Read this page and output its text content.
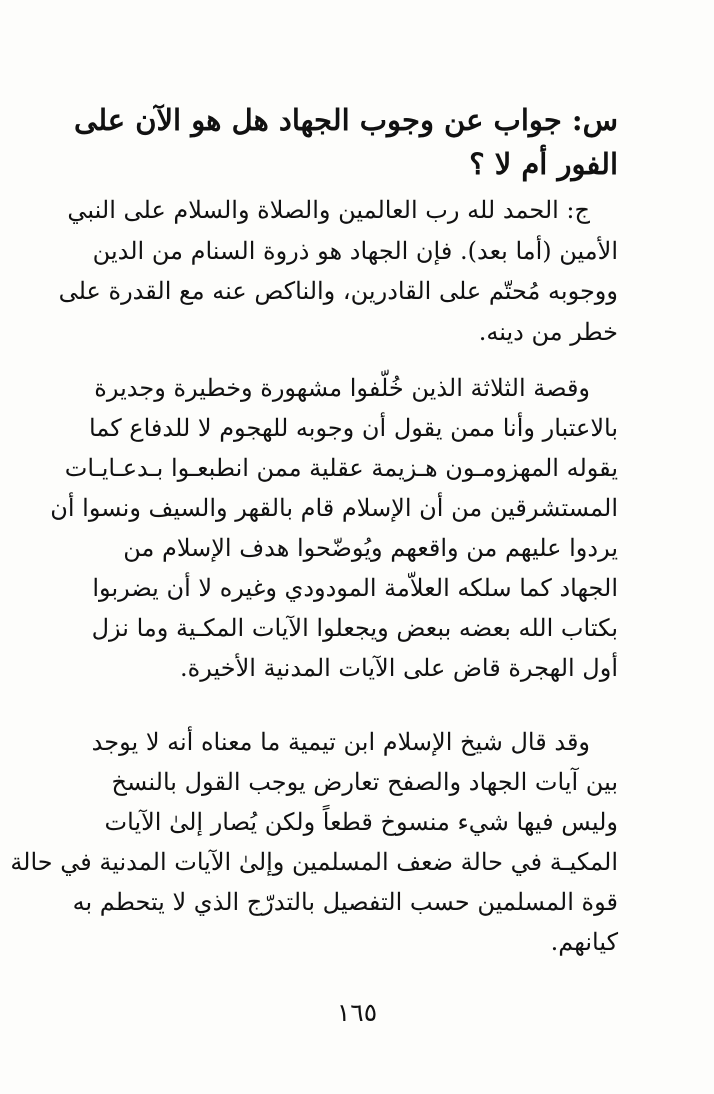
س: جواب عن وجوب الجهاد هل هو الآن على
الفور أم لا ؟
ج: الحمد لله رب العالمين والصلاة والسلام على النبي
الأمين (أما بعد). فإن الجهاد هو ذروة السنام من الدين
ووجوبه مُحتّم على القادرين، والناكص عنه مع القدرة على
خطر من دينه.
وقصة الثلاثة الذين خُلّفوا مشهورة وخطيرة وجديرة
بالاعتبار وأنا ممن يقول أن وجوبه للهجوم لا للدفاع كما
يقوله المهزومـون هـزيمة عقلية ممن انطبعـوا بـدعـايـات
المستشرقين من أن الإسلام قام بالقهر والسيف ونسوا أن
يردوا عليهم من واقعهم ويُوضّحوا هدف الإسلام من
الجهاد كما سلكه العلاّمة المودودي وغيره لا أن يضربوا
بكتاب الله بعضه ببعض ويجعلوا الآيات المكـية وما نزل
أول الهجرة قاض على الآيات المدنية الأخيرة.
وقد قال شيخ الإسلام ابن تيمية ما معناه أنه لا يوجد
بين آيات الجهاد والصفح تعارض يوجب القول بالنسخ
وليس فيها شيء منسوخ قطعاً ولكن يُصار إلىٰ الآيات
المكيـة في حالة ضعف المسلمين وإلىٰ الآيات المدنية في حالة
قوة المسلمين حسب التفصيل بالتدرّج الذي لا يتحطم به
كيانهم.
١٦٥
